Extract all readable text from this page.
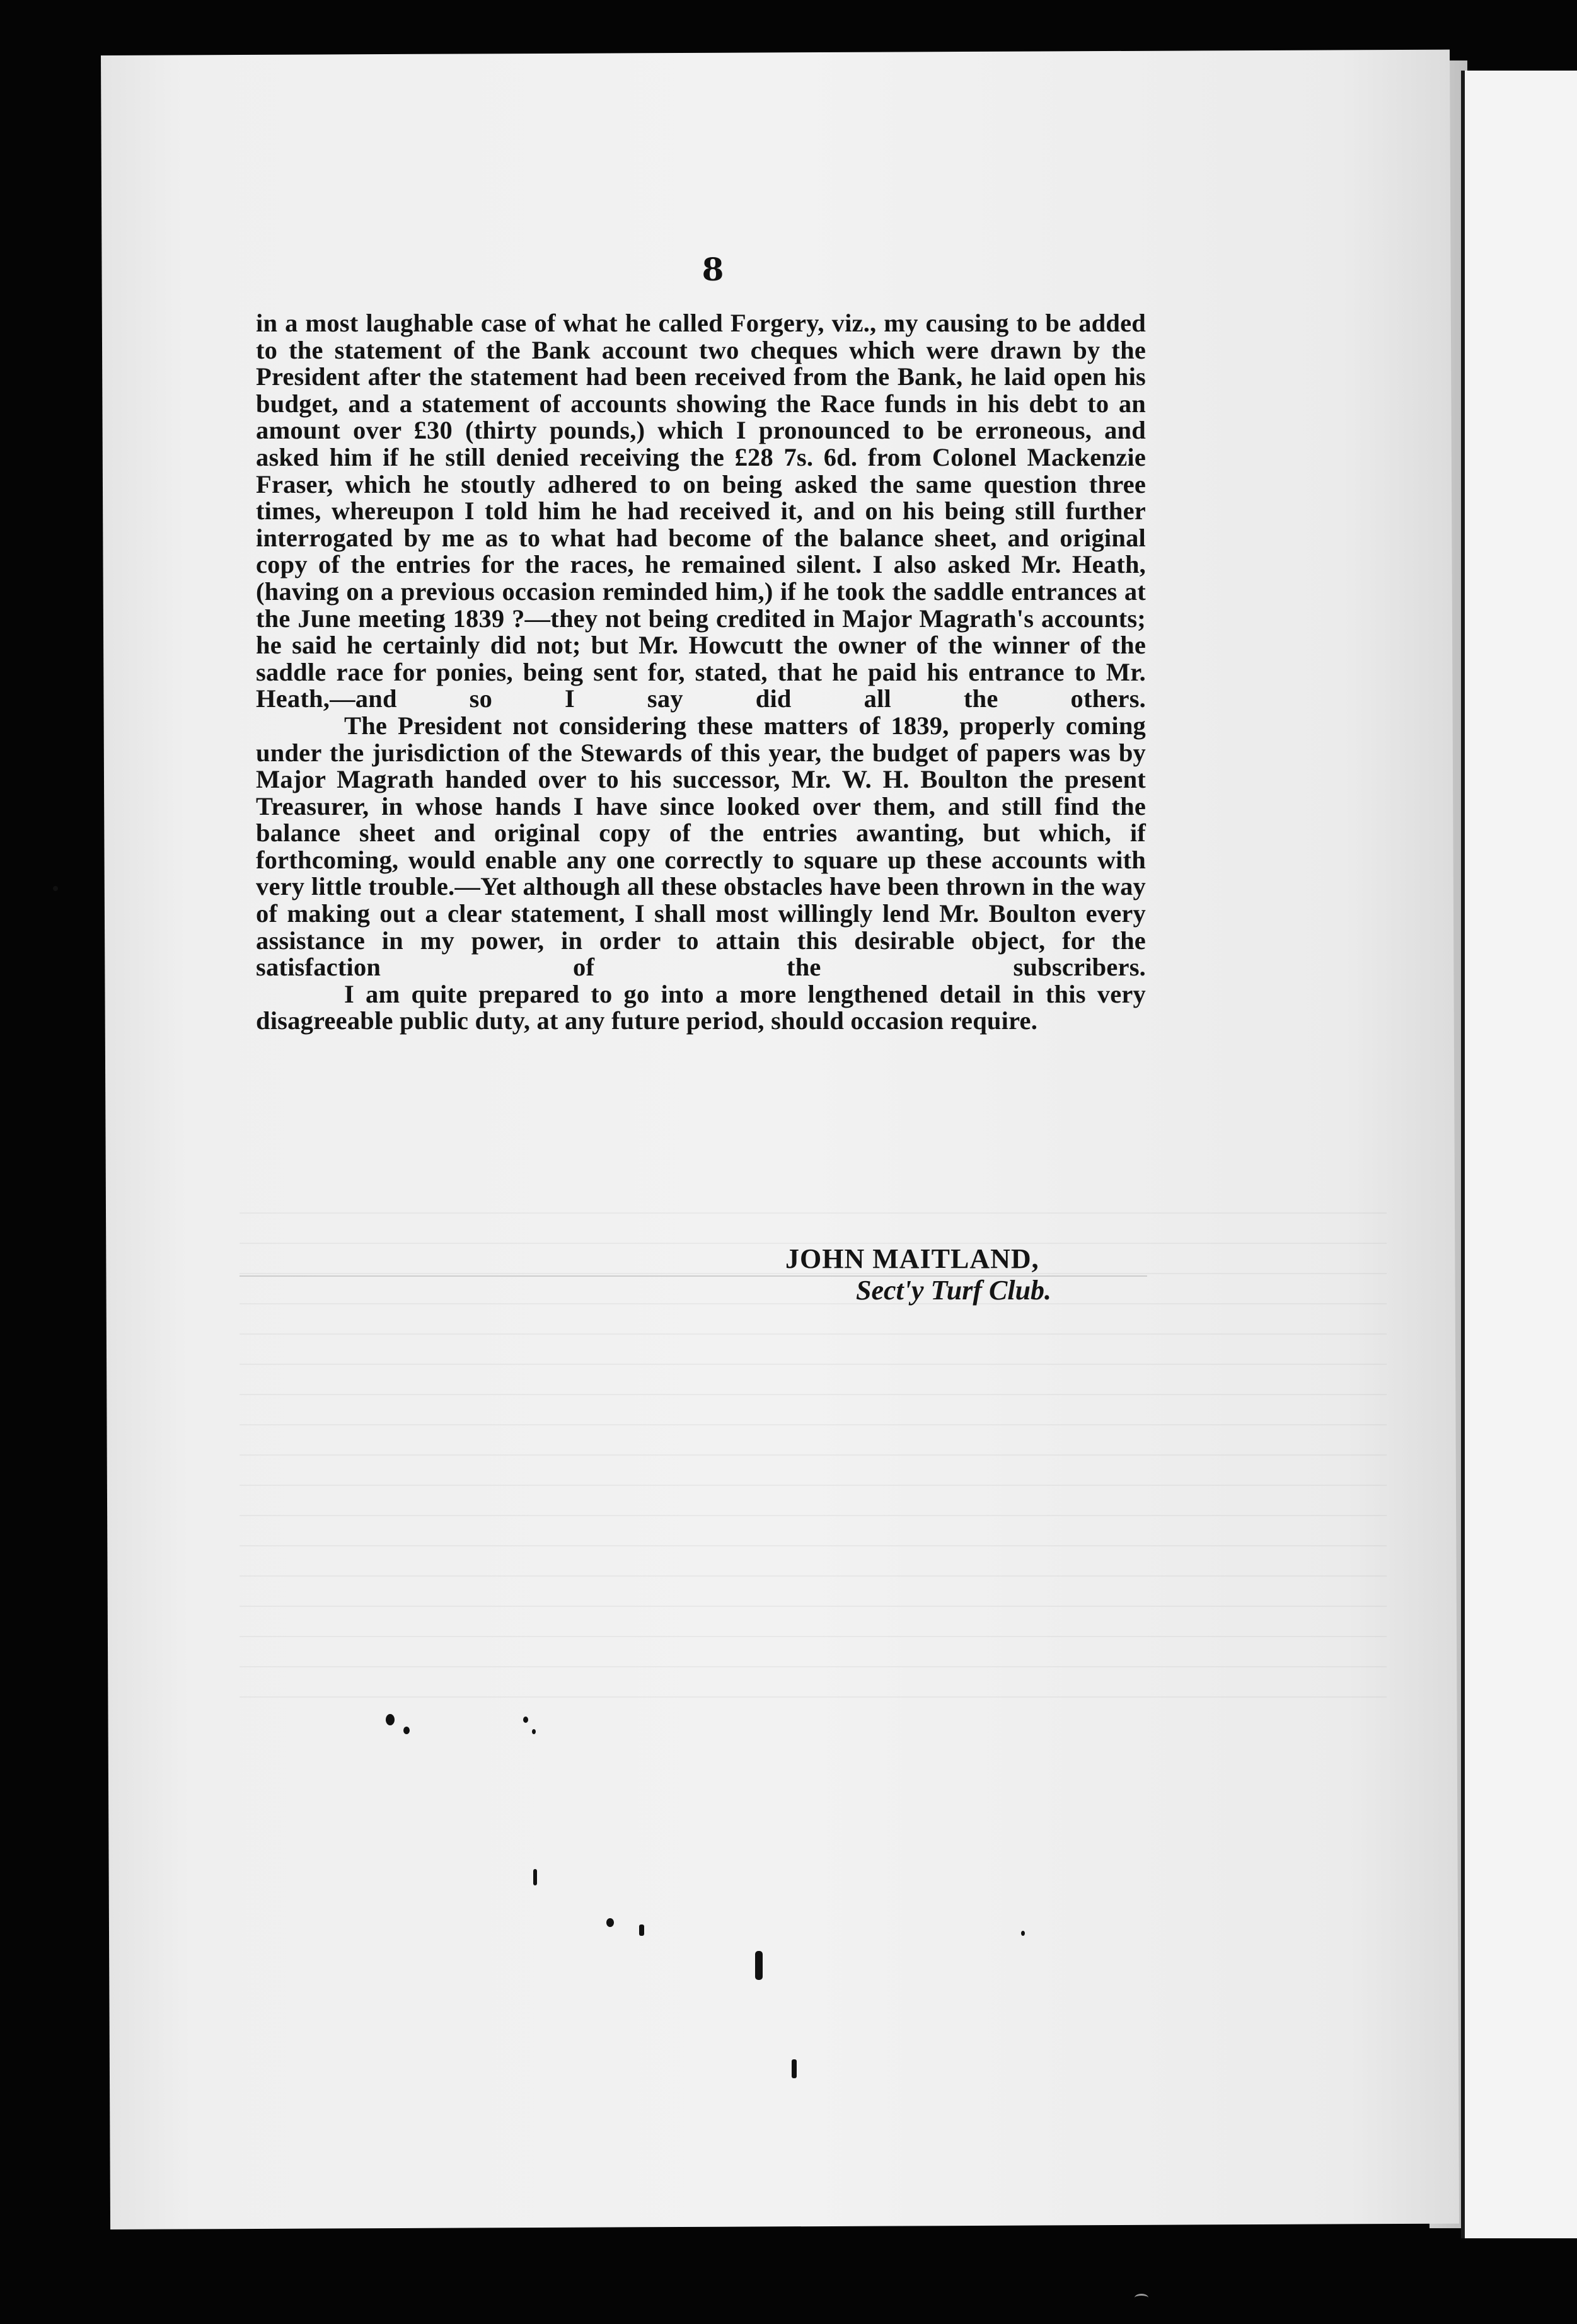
8

in a most laughable case of what he called Forgery, viz., my causing to be added to the statement of the Bank account two cheques which were drawn by the President after the statement had been received from the Bank, he laid open his budget, and a statement of accounts showing the Race funds in his debt to an amount over £30 (thirty pounds,) which I pronounced to be erroneous, and asked him if he still denied receiving the £28 7s. 6d. from Colonel Mackenzie Fraser, which he stoutly adhered to on being asked the same question three times, whereupon I told him he had received it, and on his being still further interrogated by me as to what had become of the balance sheet, and original copy of the entries for the races, he remained silent. I also asked Mr. Heath, (having on a previous occasion reminded him,) if he took the saddle entrances at the June meeting 1839 ?—they not being credited in Major Magrath's accounts; he said he certainly did not; but Mr. Howcutt the owner of the winner of the saddle race for ponies, being sent for, stated, that he paid his entrance to Mr. Heath,—and so I say did all the others.

The President not considering these matters of 1839, properly coming under the jurisdiction of the Stewards of this year, the budget of papers was by Major Magrath handed over to his successor, Mr. W. H. Boulton the present Treasurer, in whose hands I have since looked over them, and still find the balance sheet and original copy of the entries awanting, but which, if forthcoming, would enable any one correctly to square up these accounts with very little trouble.—Yet although all these obstacles have been thrown in the way of making out a clear statement, I shall most willingly lend Mr. Boulton every assistance in my power, in order to attain this desirable object, for the satisfaction of the subscribers.

I am quite prepared to go into a more lengthened detail in this very disagreeable public duty, at any future period, should occasion require.

JOHN MAITLAND,
Sect'y Turf Club.
